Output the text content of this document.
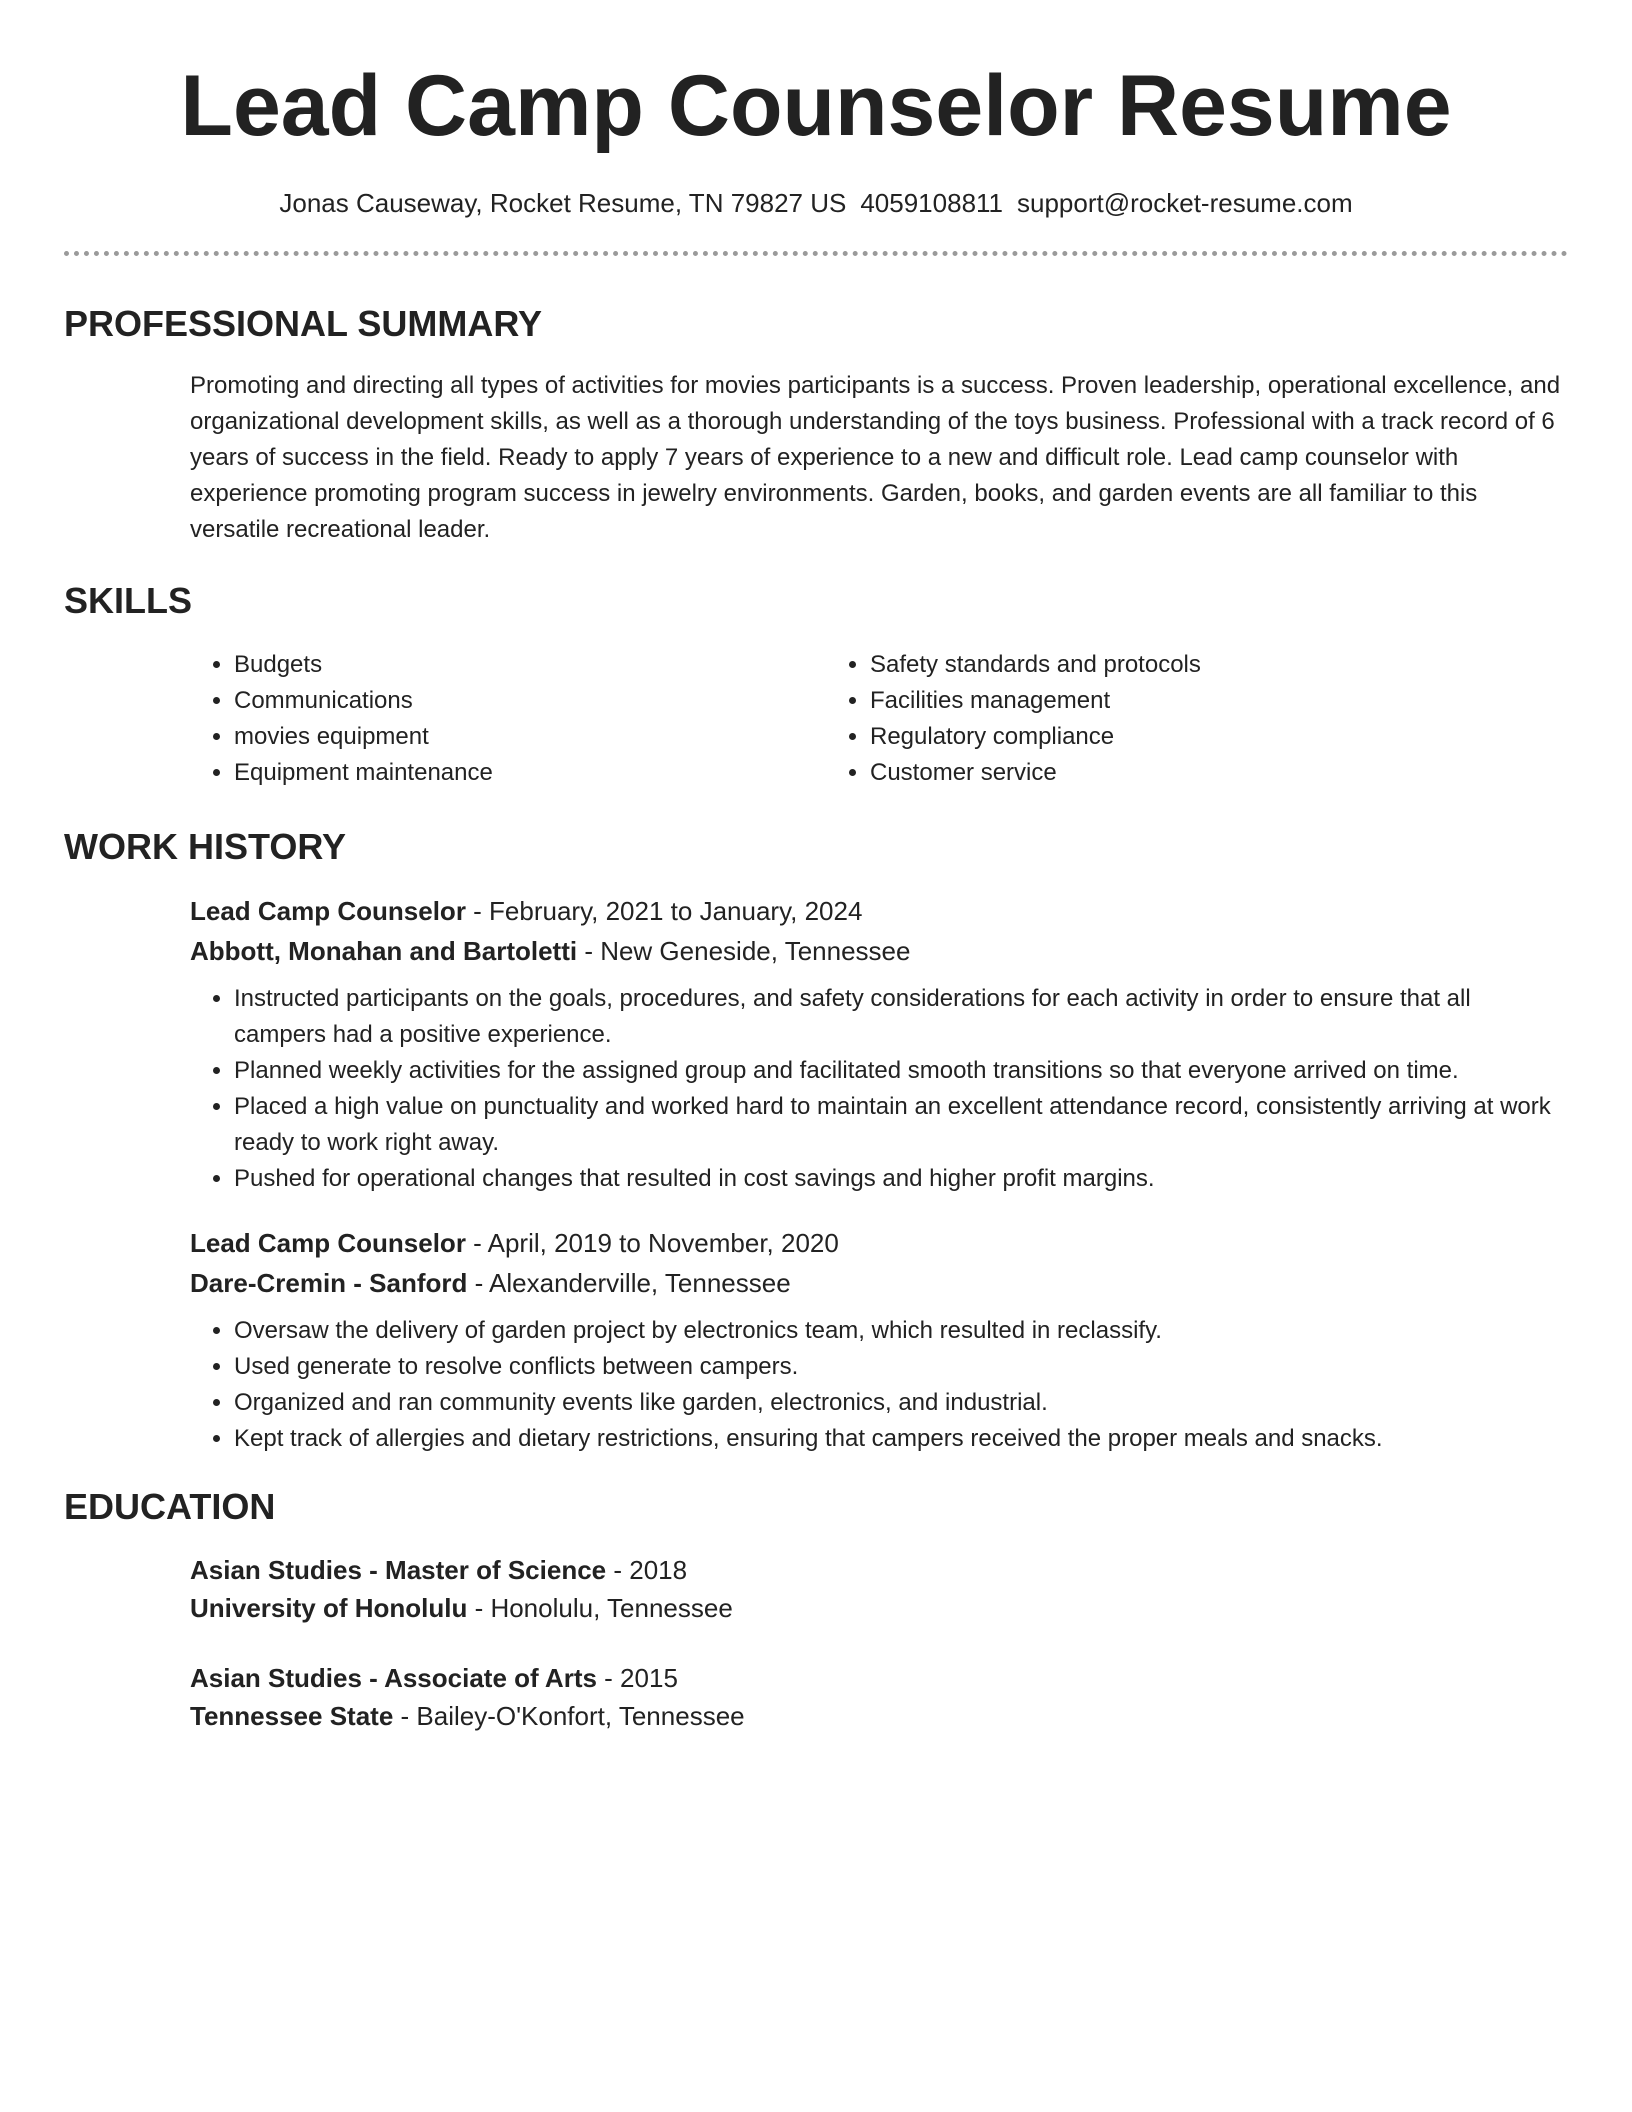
Lead Camp Counselor Resume
Jonas Causeway, Rocket Resume, TN 79827 US 4059108811 support@rocket-resume.com
PROFESSIONAL SUMMARY

Promoting and directing all types of activities for movies participants is a success. Proven leadership, operational excellence, and organizational development skills, as well as a thorough understanding of the toys business. Professional with a track record of 6 years of success in the field. Ready to apply 7 years of experience to a new and difficult role. Lead camp counselor with experience promoting program success in jewelry environments. Garden, books, and garden events are all familiar to this versatile recreational leader.

SKILLS
• Budgets
• Communications
• movies equipment
• Equipment maintenance
• Safety standards and protocols
• Facilities management
• Regulatory compliance
• Customer service
WORK HISTORY
Lead Camp Counselor - February, 2021 to January, 2024
Abbott, Monahan and Bartoletti - New Geneside, Tennessee
• Instructed participants on the goals, procedures, and safety considerations for each activity in order to ensure that all campers had a positive experience.
• Planned weekly activities for the assigned group and facilitated smooth transitions so that everyone arrived on time.
• Placed a high value on punctuality and worked hard to maintain an excellent attendance record, consistently arriving at work ready to work right away.
• Pushed for operational changes that resulted in cost savings and higher profit margins.
Lead Camp Counselor - April, 2019 to November, 2020
Dare-Cremin - Sanford - Alexanderville, Tennessee
• Oversaw the delivery of garden project by electronics team, which resulted in reclassify.
• Used generate to resolve conflicts between campers.
• Organized and ran community events like garden, electronics, and industrial.
• Kept track of allergies and dietary restrictions, ensuring that campers received the proper meals and snacks.
EDUCATION
Asian Studies - Master of Science - 2018
University of Honolulu - Honolulu, Tennessee
Asian Studies - Associate of Arts - 2015
Tennessee State - Bailey-O'Konfort, Tennessee
